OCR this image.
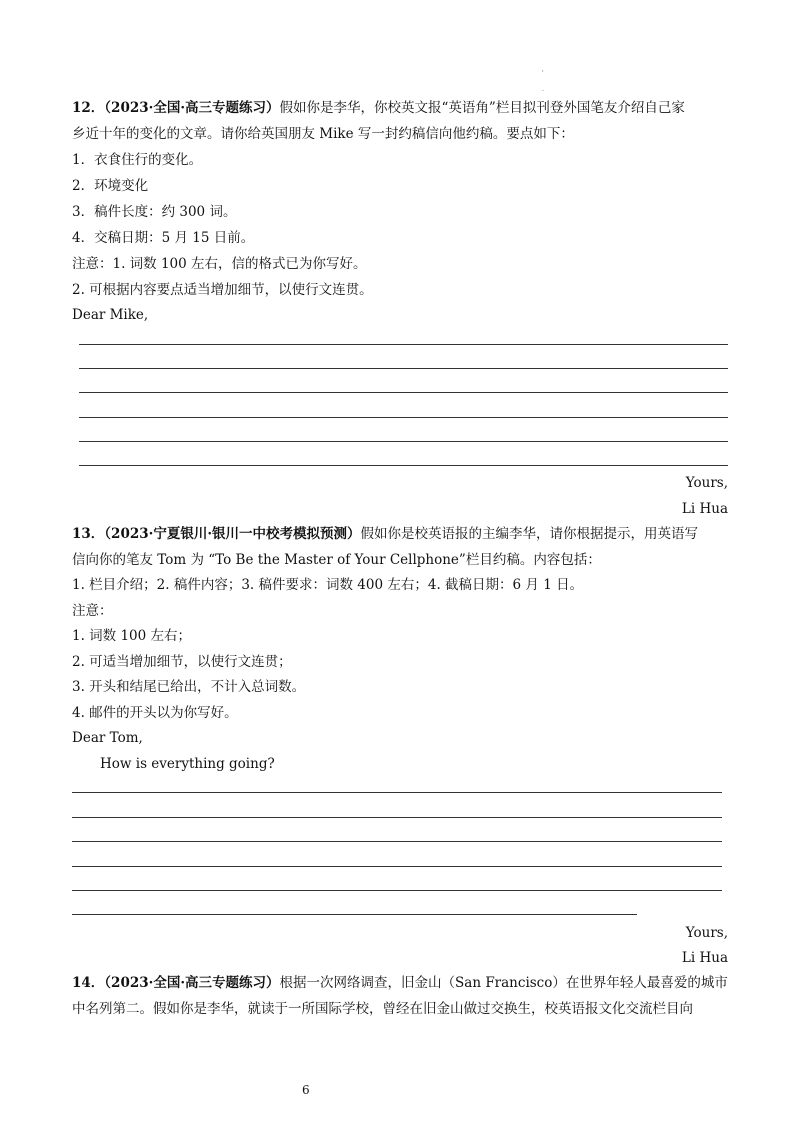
'
.
12．（2023·全国·高三专题练习）假如你是李华，你校英文报“英语角”栏目拟刊登外国笔友介绍自己家
乡近十年的变化的文章。请你给英国朋友 Mike 写一封约稿信向他约稿。要点如下：
1．衣食住行的变化。
2．环境变化
3．稿件长度：约 300 词。
4．交稿日期：5 月 15 日前。
注意：1. 词数 100 左右，信的格式已为你写好。
2. 可根据内容要点适当增加细节，以使行文连贯。
Dear Mike,
Yours,
Li Hua
13．（2023·宁夏银川·银川一中校考模拟预测）假如你是校英语报的主编李华，请你根据提示，用英语写
信向你的笔友 Tom 为 “To Be the Master of Your Cellphone”栏目约稿。内容包括：
1. 栏目介绍；2. 稿件内容；3. 稿件要求：词数 400 左右；4. 截稿日期：6 月 1 日。
注意：
1. 词数 100 左右；
2. 可适当增加细节，以使行文连贯；
3. 开头和结尾已给出，不计入总词数。
4. 邮件的开头以为你写好。
Dear Tom,
How is everything going?
Yours,
Li Hua
14．（2023·全国·高三专题练习）根据一次网络调查，旧金山（San Francisco）在世界年轻人最喜爱的城市
中名列第二。假如你是李华，就读于一所国际学校，曾经在旧金山做过交换生，校英语报文化交流栏目向
6
